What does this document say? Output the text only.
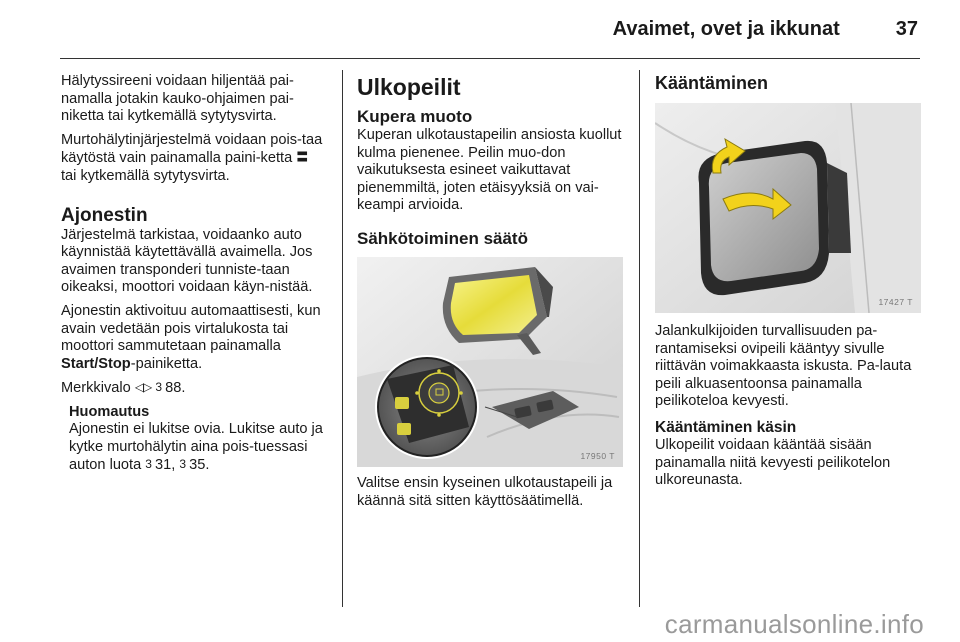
Avaimet, ovet ja ikkunat	37

Hälytyssireeni voidaan hiljentää pai-namalla jotakin kauko-ohjaimen pai-niketta tai kytkemällä sytytysvirta.

Murtohälytinjärjestelmä voidaan pois-taa käytöstä vain painamalla paini-ketta 〓 tai kytkemällä sytytysvirta.

Ajonestin

Järjestelmä tarkistaa, voidaanko auto käynnistää käytettävällä avaimella. Jos avaimen transponderi tunniste-taan oikeaksi, moottori voidaan käyn-nistää.

Ajonestin aktivoituu automaattisesti, kun avain vedetään pois virtalukosta tai moottori sammutetaan painamalla Start/Stop-painiketta.

Merkkivalo ◁▷ 3 88.

Huomautus

Ajonestin ei lukitse ovia. Lukitse auto ja kytke murtohälytin aina pois-tuessasi auton luota 3 31, 3 35.

Ulkopeilit
Kupera muoto

Kuperan ulkotaustapeilin ansiosta kuollut kulma pienenee. Peilin muo-don vaikutuksesta esineet vaikuttavat pienemmiltä, joten etäisyyksiä on vai-keampi arvioida.

Sähkötoiminen säätö
17950 T

Valitse ensin kyseinen ulkotaustapeili ja käännä sitä sitten käyttösäätimellä.

Kääntäminen
17427 T

Jalankulkijoiden turvallisuuden pa-rantamiseksi ovipeili kääntyy sivulle riittävän voimakkaasta iskusta. Pa-lauta peili alkuasentoonsa painamalla peilikoteloa kevyesti.

Kääntäminen käsin

Ulkopeilit voidaan kääntää sisään painamalla niitä kevyesti peilikotelon ulkoreunasta.

carmanualsonline.info
